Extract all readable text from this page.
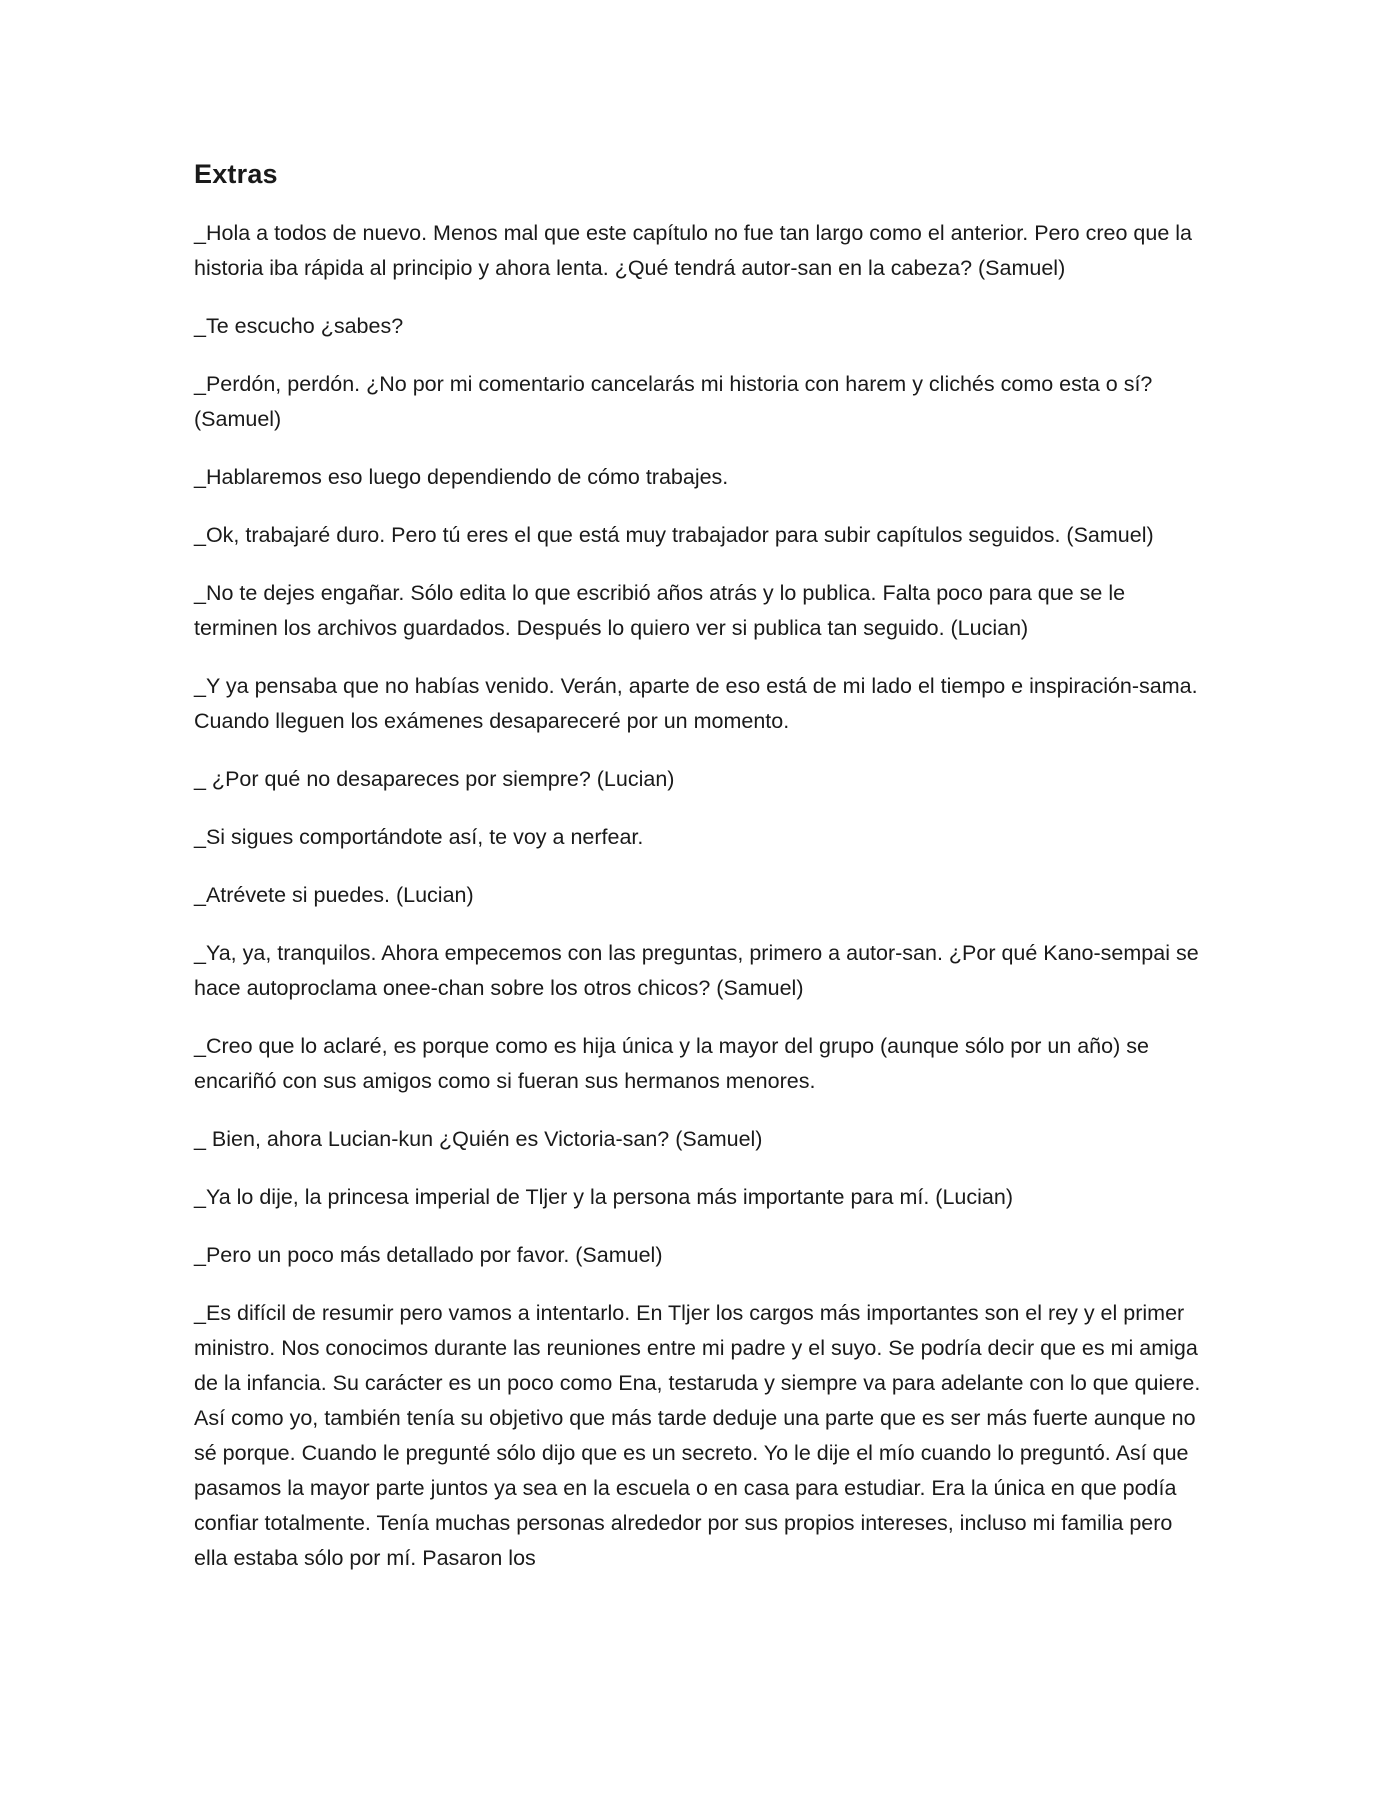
Extras

_Hola a todos de nuevo. Menos mal que este capítulo no fue tan largo como el anterior. Pero creo que la historia iba rápida al principio y ahora lenta. ¿Qué tendrá autor-san en la cabeza? (Samuel)

_Te escucho ¿sabes?

_Perdón, perdón. ¿No por mi comentario cancelarás mi historia con harem y clichés como esta o sí? (Samuel)

_Hablaremos eso luego dependiendo de cómo trabajes.

_Ok, trabajaré duro. Pero tú eres el que está muy trabajador para subir capítulos seguidos. (Samuel)

_No te dejes engañar. Sólo edita lo que escribió años atrás y lo publica. Falta poco para que se le terminen los archivos guardados. Después lo quiero ver si publica tan seguido. (Lucian)

_Y ya pensaba que no habías venido. Verán, aparte de eso está de mi lado el tiempo e inspiración-sama. Cuando lleguen los exámenes desapareceré por un momento.

_ ¿Por qué no desapareces por siempre? (Lucian)

_Si sigues comportándote así, te voy a nerfear.

_Atrévete si puedes. (Lucian)

_Ya, ya, tranquilos. Ahora empecemos con las preguntas, primero a autor-san. ¿Por qué Kano-sempai se hace autoproclama onee-chan sobre los otros chicos? (Samuel)

_Creo que lo aclaré, es porque como es hija única y la mayor del grupo (aunque sólo por un año) se encariñó con sus amigos como si fueran sus hermanos menores.

_ Bien, ahora Lucian-kun ¿Quién es Victoria-san? (Samuel)

_Ya lo dije, la princesa imperial de Tljer y la persona más importante para mí. (Lucian)

_Pero un poco más detallado por favor. (Samuel)

_Es difícil de resumir pero vamos a intentarlo. En Tljer los cargos más importantes son el rey y el primer ministro. Nos conocimos durante las reuniones entre mi padre y el suyo. Se podría decir que es mi amiga de la infancia. Su carácter es un poco como Ena, testaruda y siempre va para adelante con lo que quiere. Así como yo, también tenía su objetivo que más tarde deduje una parte que es ser más fuerte aunque no sé porque. Cuando le pregunté sólo dijo que es un secreto. Yo le dije el mío cuando lo preguntó. Así que pasamos la mayor parte juntos ya sea en la escuela o en casa para estudiar. Era la única en que podía confiar totalmente. Tenía muchas personas alrededor por sus propios intereses, incluso mi familia pero ella estaba sólo por mí. Pasaron los
